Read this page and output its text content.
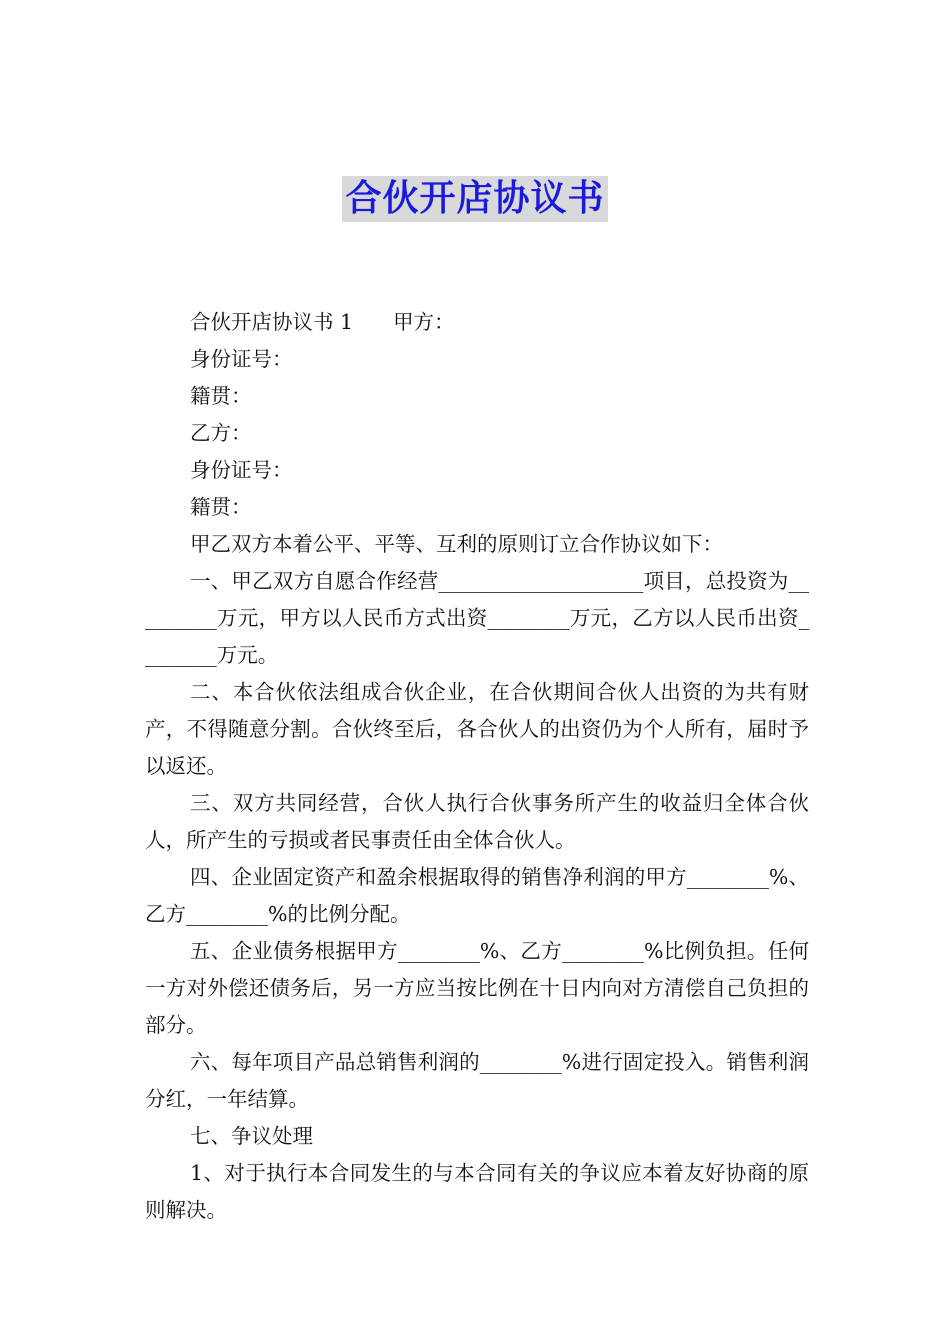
合伙开店协议书

合伙开店协议书 1 甲方：

身份证号：

籍贯：

乙方：

身份证号：

籍贯：

甲乙双方本着公平、平等、互利的原则订立合作协议如下：

一、甲乙双方自愿合作经营____________________项目，总投资为_________万元，甲方以人民币方式出资________万元，乙方以人民币出资________万元。

二、本合伙依法组成合伙企业，在合伙期间合伙人出资的为共有财产，不得随意分割。合伙终至后，各合伙人的出资仍为个人所有，届时予以返还。

三、双方共同经营，合伙人执行合伙事务所产生的收益归全体合伙人，所产生的亏损或者民事责任由全体合伙人。

四、企业固定资产和盈余根据取得的销售净利润的甲方________%、乙方________%的比例分配。

五、企业债务根据甲方________%、乙方________%比例负担。任何一方对外偿还债务后，另一方应当按比例在十日内向对方清偿自己负担的部分。

六、每年项目产品总销售利润的________%进行固定投入。销售利润分红，一年结算。

七、争议处理

1、对于执行本合同发生的与本合同有关的争议应本着友好协商的原则解决。
